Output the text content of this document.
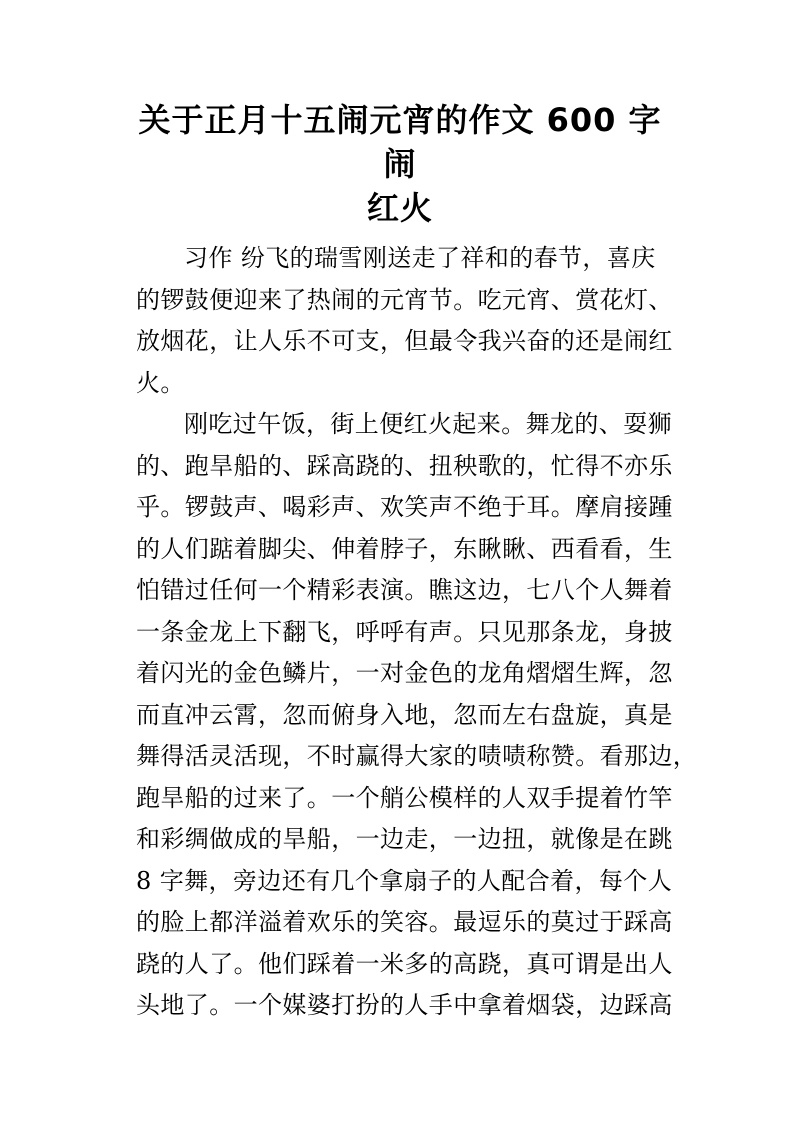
关于正月十五闹元宵的作文 600 字 闹
红火
习作 纷飞的瑞雪刚送走了祥和的春节，喜庆
的锣鼓便迎来了热闹的元宵节。吃元宵、赏花灯、
放烟花，让人乐不可支，但最令我兴奋的还是闹红
火。
刚吃过午饭，街上便红火起来。舞龙的、耍狮
的、跑旱船的、踩高跷的、扭秧歌的，忙得不亦乐
乎。锣鼓声、喝彩声、欢笑声不绝于耳。摩肩接踵
的人们踮着脚尖、伸着脖子，东瞅瞅、西看看，生
怕错过任何一个精彩表演。瞧这边，七八个人舞着
一条金龙上下翻飞，呼呼有声。只见那条龙，身披
着闪光的金色鳞片，一对金色的龙角熠熠生辉，忽
而直冲云霄，忽而俯身入地，忽而左右盘旋，真是
舞得活灵活现，不时赢得大家的啧啧称赞。看那边，
跑旱船的过来了。一个艄公模样的人双手提着竹竿
和彩绸做成的旱船，一边走，一边扭，就像是在跳
8 字舞，旁边还有几个拿扇子的人配合着，每个人
的脸上都洋溢着欢乐的笑容。最逗乐的莫过于踩高
跷的人了。他们踩着一米多的高跷，真可谓是出人
头地了。一个媒婆打扮的人手中拿着烟袋，边踩高
